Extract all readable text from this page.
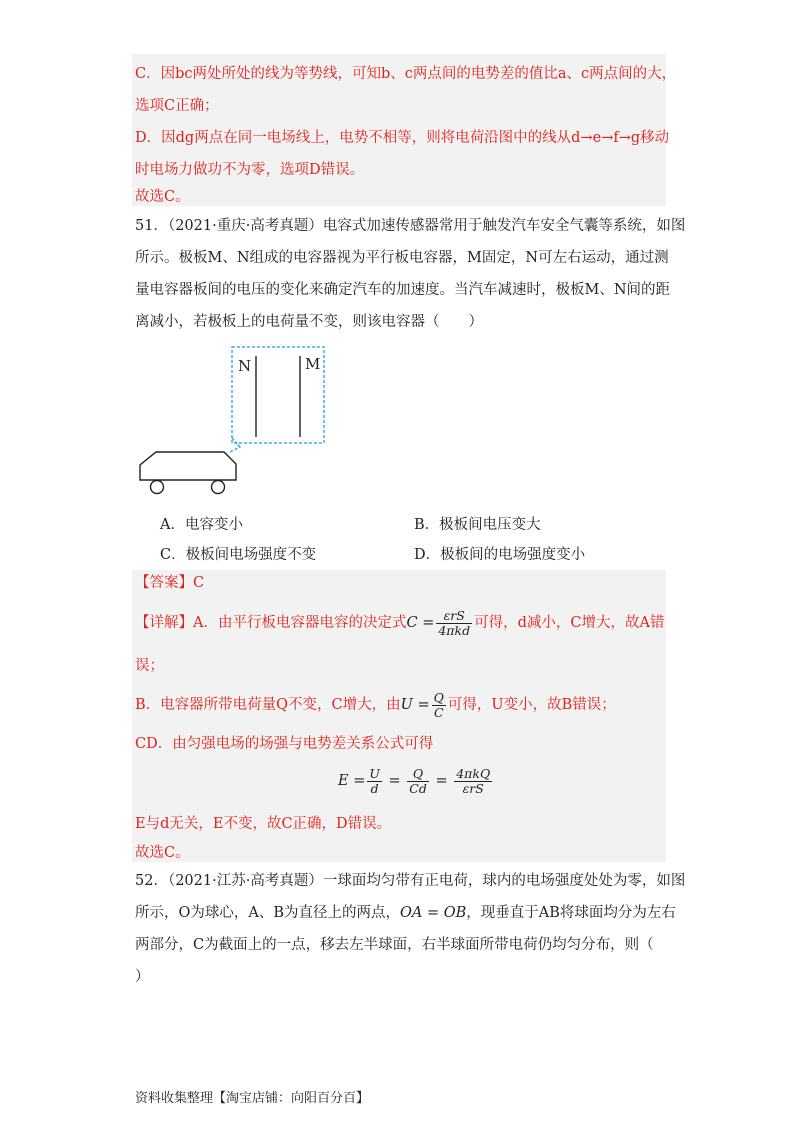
C．因bc两处所处的线为等势线，可知b、c两点间的电势差的值比a、c两点间的大，
选项C正确；
D．因dg两点在同一电场线上，电势不相等，则将电荷沿图中的线从d→e→f→g移动
时电场力做功不为零，选项D错误。
故选C。
51．（2021·重庆·高考真题）电容式加速传感器常用于触发汽车安全气囊等系统，如图
所示。极板M、N组成的电容器视为平行板电容器，M固定，N可左右运动，通过测
量电容器板间的电压的变化来确定汽车的加速度。当汽车减速时，极板M、N间的距
离减小，若极板上的电荷量不变，则该电容器（　　）
N	M
A．电容变小	B．极板间电压变大
C．极板间电场强度不变	D．极板间的电场强度变小
【答案】C
【详解】A．由平行板电容器电容的决定式$C = \frac{\text{εrS}}{\text{4πkd}}$ 可得，d减小，C增大，故A错
误；
B．电容器所带电荷量Q不变，C增大，由$U = \frac{Q}{C}$ 可得，U变小，故B错误；
CD．由匀强电场的场强与电势差关系公式可得
$E = \frac{U}{d} = \frac{Q}{Cd} = \frac{\text{4πkQ}}{\text{εrS}}$
E与d无关，E不变，故C正确，D错误。
故选C。
52．（2021·江苏·高考真题）一球面均匀带有正电荷，球内的电场强度处处为零，如图
所示，O为球心，A、B为直径上的两点，OA = OB，现垂直于AB将球面均分为左右
两部分，C为截面上的一点，移去左半球面，右半球面所带电荷仍均匀分布，则（
）
资料收集整理【淘宝店铺：向阳百分百】
